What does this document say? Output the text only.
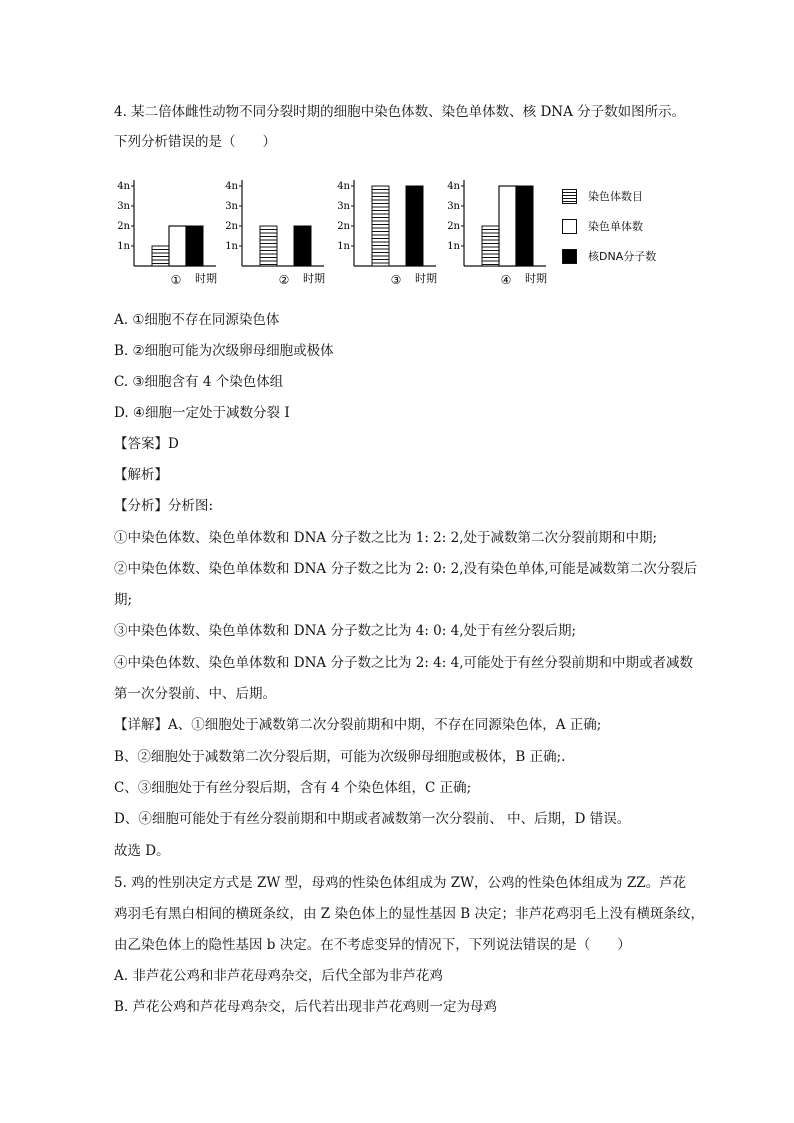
4. 某二倍体雌性动物不同分裂时期的细胞中染色体数、染色单体数、核 DNA 分子数如图所示。
下列分析错误的是（　　）
1n
2n
3n
4n
① 时期
1n
2n
3n
4n
② 时期
1n
2n
3n
4n
③ 时期
1n
2n
3n
4n
④ 时期
染色体数目
染色单体数
核DNA分子数
A. ①细胞不存在同源染色体
B. ②细胞可能为次级卵母细胞或极体
C. ③细胞含有 4 个染色体组
D. ④细胞一定处于减数分裂 I
【答案】D
【解析】
【分析】分析图:
①中染色体数、染色单体数和 DNA 分子数之比为 1: 2: 2,处于减数第二次分裂前期和中期;
②中染色体数、染色单体数和 DNA 分子数之比为 2: 0: 2,没有染色单体,可能是减数第二次分裂后
期;
③中染色体数、染色单体数和 DNA 分子数之比为 4: 0: 4,处于有丝分裂后期;
④中染色体数、染色单体数和 DNA 分子数之比为 2: 4: 4,可能处于有丝分裂前期和中期或者减数
第一次分裂前、中、后期。
【详解】A、①细胞处于减数第二次分裂前期和中期，不存在同源染色体，A 正确;
B、②细胞处于减数第二次分裂后期，可能为次级卵母细胞或极体，B 正确;.
C、③细胞处于有丝分裂后期，含有 4 个染色体组，C 正确;
D、④细胞可能处于有丝分裂前期和中期或者减数第一次分裂前、 中、后期，D 错误。
故选 D。
5. 鸡的性别决定方式是 ZW 型，母鸡的性染色体组成为 ZW，公鸡的性染色体组成为 ZZ。芦花
鸡羽毛有黑白相间的横斑条纹，由 Z 染色体上的显性基因 B 决定；非芦花鸡羽毛上没有横斑条纹，
由乙染色体上的隐性基因 b 决定。在不考虑变异的情况下，下列说法错误的是（　　）
A. 非芦花公鸡和非芦花母鸡杂交，后代全部为非芦花鸡
B. 芦花公鸡和芦花母鸡杂交，后代若出现非芦花鸡则一定为母鸡
